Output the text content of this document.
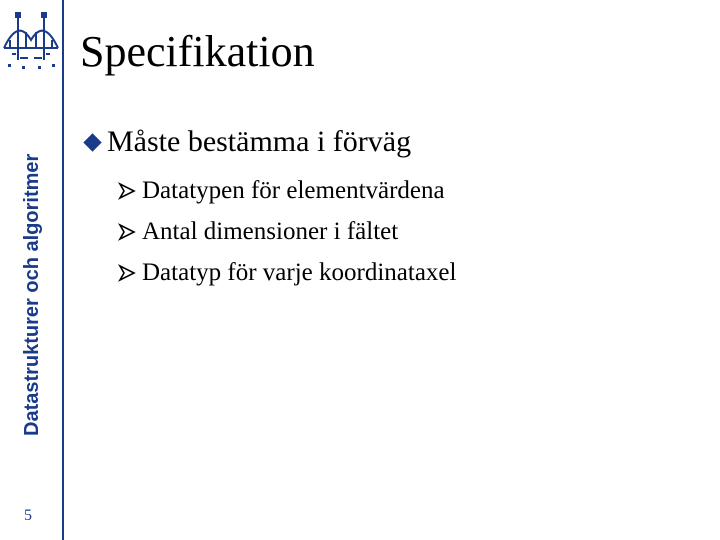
Datastrukturer och algoritmer
5
Specifikation
Måste bestämma i förväg
Datatypen för elementvärdena
Antal dimensioner i fältet
Datatyp för varje koordinataxel
